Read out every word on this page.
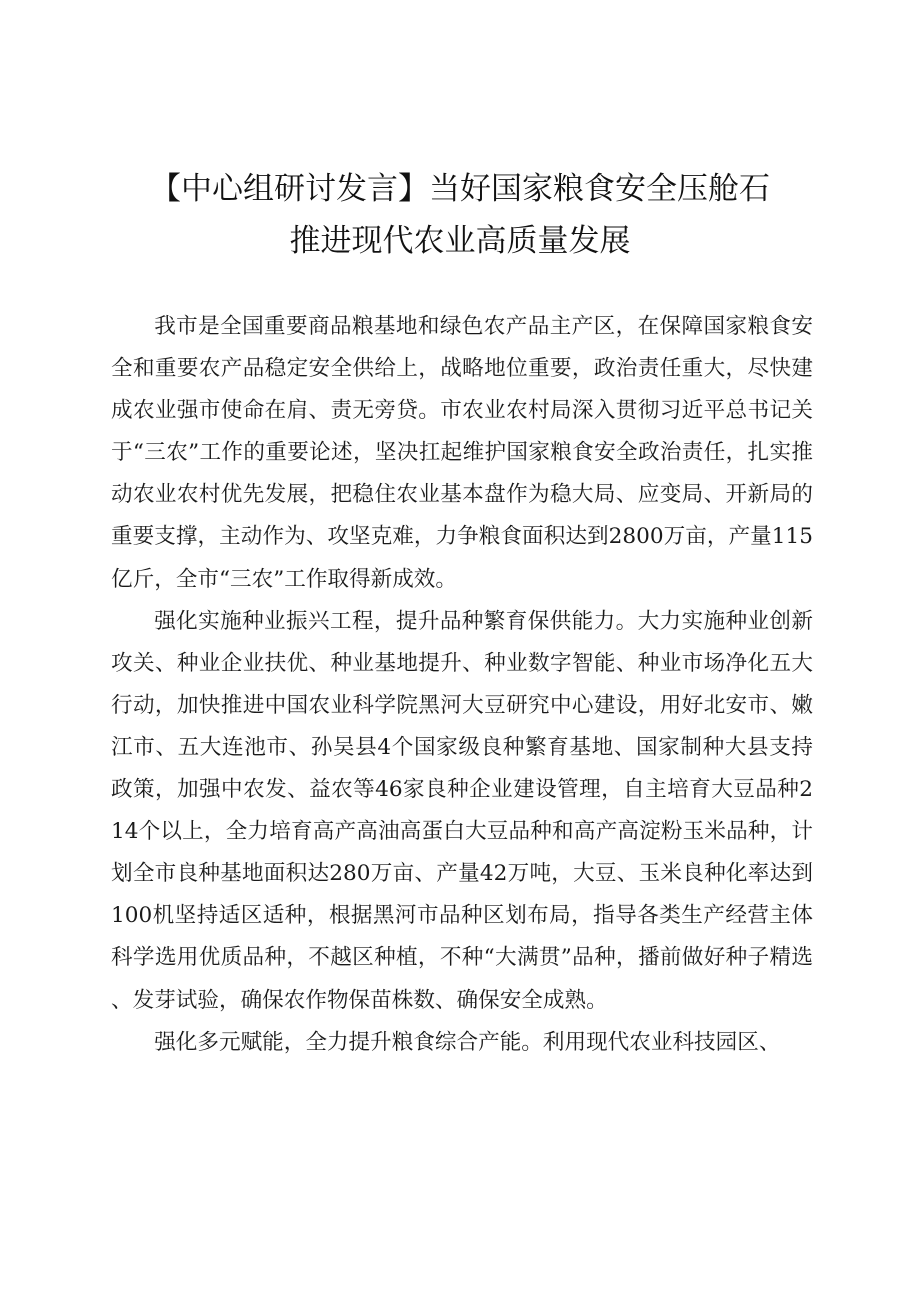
【中心组研讨发言】当好国家粮食安全压舱石
推进现代农业高质量发展

我市是全国重要商品粮基地和绿色农产品主产区，在保障国家粮食安全和重要农产品稳定安全供给上，战略地位重要，政治责任重大，尽快建成农业强市使命在肩、责无旁贷。市农业农村局深入贯彻习近平总书记关于“三农”工作的重要论述，坚决扛起维护国家粮食安全政治责任，扎实推动农业农村优先发展，把稳住农业基本盘作为稳大局、应变局、开新局的重要支撑，主动作为、攻坚克难，力争粮食面积达到2800万亩，产量115亿斤，全市“三农”工作取得新成效。

强化实施种业振兴工程，提升品种繁育保供能力。大力实施种业创新攻关、种业企业扶优、种业基地提升、种业数字智能、种业市场净化五大行动，加快推进中国农业科学院黑河大豆研究中心建设，用好北安市、嫩江市、五大连池市、孙吴县4个国家级良种繁育基地、国家制种大县支持政策，加强中农发、益农等46家良种企业建设管理，自主培育大豆品种214个以上，全力培育高产高油高蛋白大豆品种和高产高淀粉玉米品种，计划全市良种基地面积达280万亩、产量42万吨，大豆、玉米良种化率达到100机坚持适区适种，根据黑河市品种区划布局，指导各类生产经营主体科学选用优质品种，不越区种植，不种“大满贯”品种，播前做好种子精选、发芽试验，确保农作物保苗株数、确保安全成熟。

强化多元赋能，全力提升粮食综合产能。利用现代农业科技园区、
